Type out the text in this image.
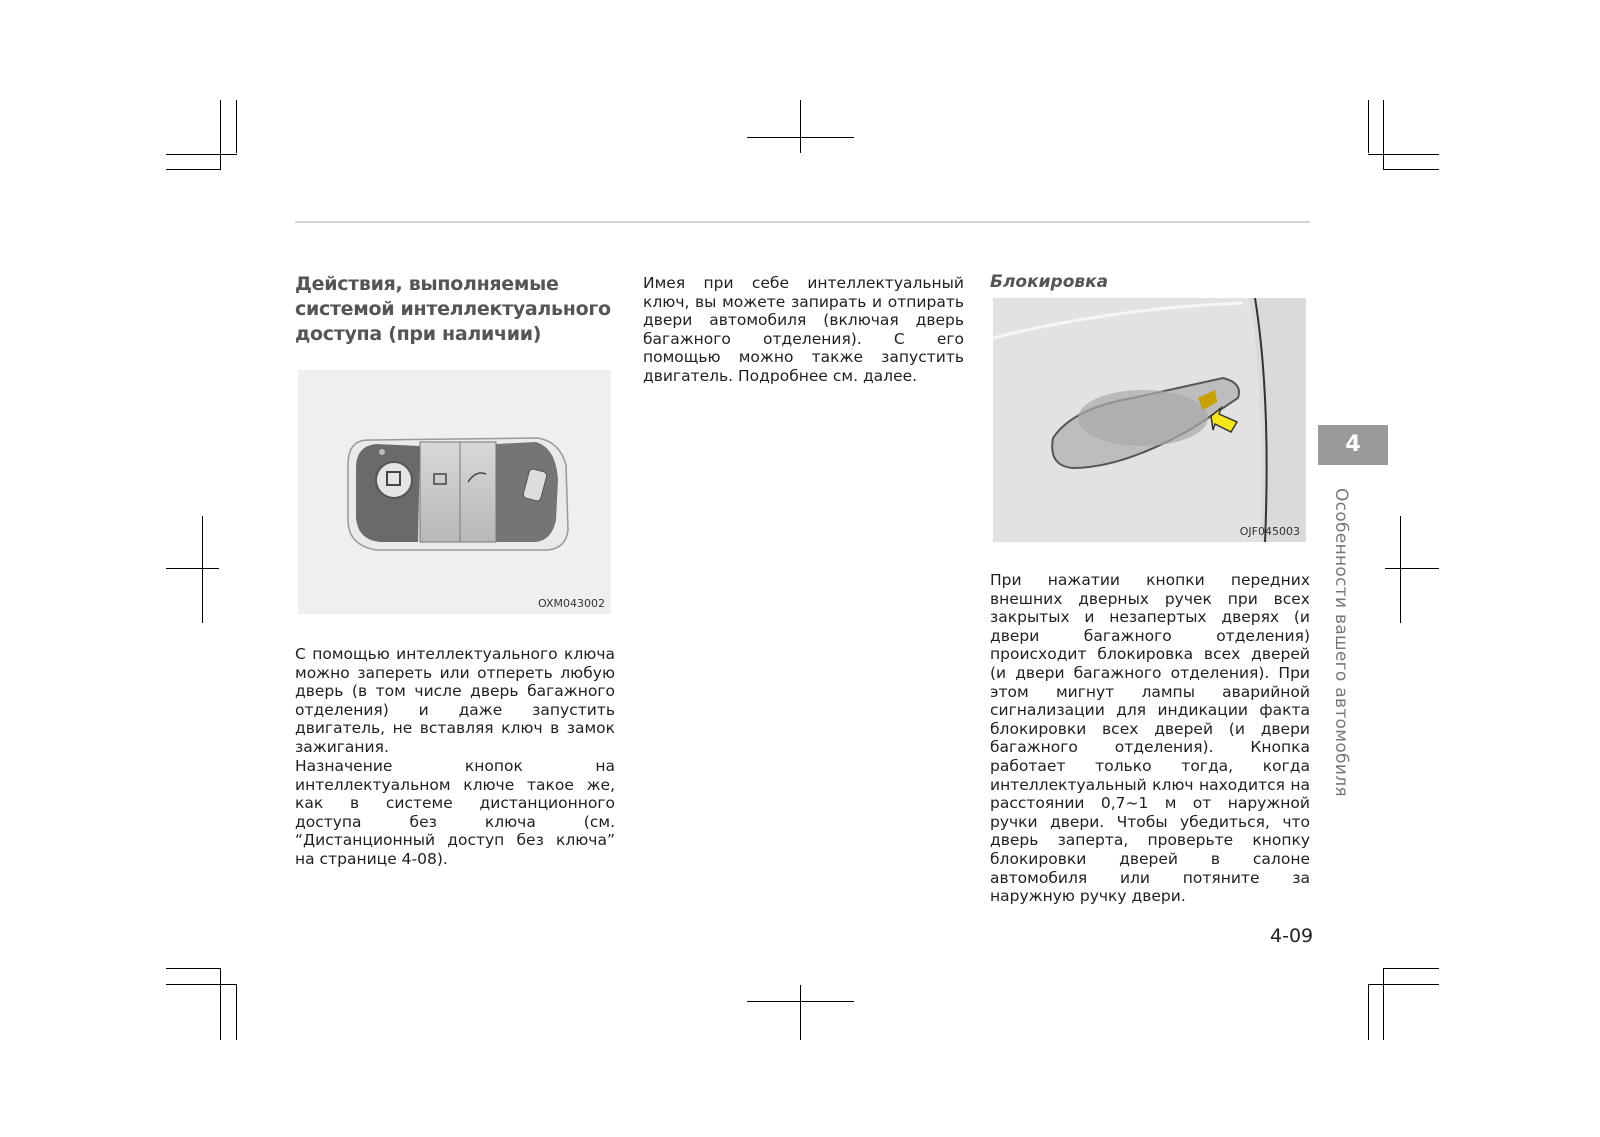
Действия, выполняемые системой интеллектуального доступа (при наличии)
OXM043002

С помощью интеллектуального ключа можно запереть или отпереть любую дверь (в том числе дверь багажного отделения) и даже запустить двигатель, не вставляя ключ в замок зажигания.

Назначение кнопок на интеллектуальном ключе такое же, как в системе дистанционного доступа без ключа (см. “Дистанционный доступ без ключа” на странице 4-08).

Имея при себе интеллектуальный ключ, вы можете запирать и отпирать двери автомобиля (включая дверь багажного отделения). С его помощью можно также запустить двигатель. Подробнее см. далее.

Блокировка
OJF045003

При нажатии кнопки передних внешних дверных ручек при всех закрытых и незапертых дверях (и двери багажного отделения) происходит блокировка всех дверей (и двери багажного отделения). При этом мигнут лампы аварийной сигнализации для индикации факта блокировки всех дверей (и двери багажного отделения). Кнопка работает только тогда, когда интеллектуальный ключ находится на расстоянии 0,7~1 м от наружной ручки двери. Чтобы убедиться, что дверь заперта, проверьте кнопку блокировки дверей в салоне автомобиля или потяните за наружную ручку двери.

4
Особенности вашего автомобиля
4-09
